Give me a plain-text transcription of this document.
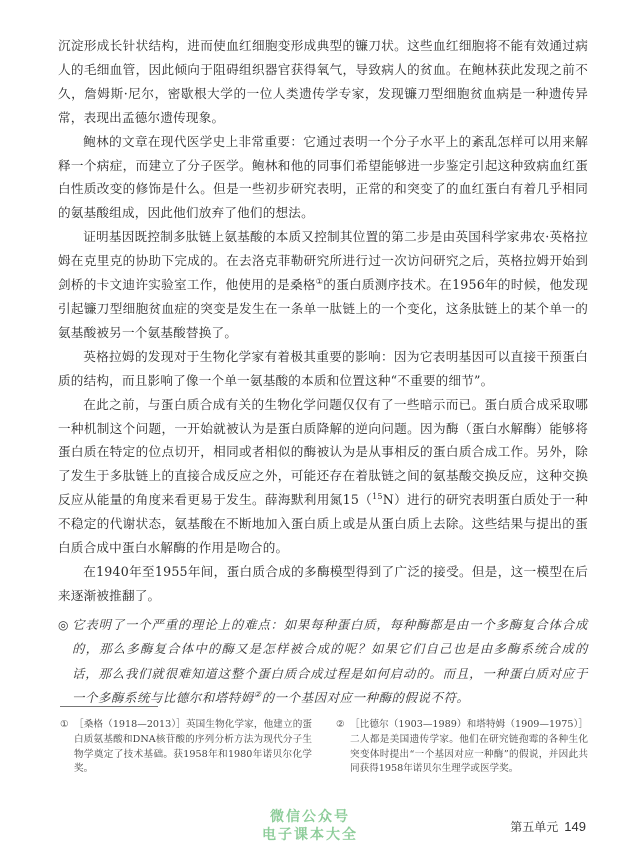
沉淀形成长针状结构，进而使血红细胞变形成典型的镰刀状。这些血红细胞将不能有效通过病人的毛细血管，因此倾向于阻碍组织器官获得氧气，导致病人的贫血。在鲍林获此发现之前不久，詹姆斯·尼尔，密歇根大学的一位人类遗传学专家，发现镰刀型细胞贫血病是一种遗传异常，表现出孟德尔遗传现象。

鲍林的文章在现代医学史上非常重要：它通过表明一个分子水平上的紊乱怎样可以用来解释一个病症，而建立了分子医学。鲍林和他的同事们希望能够进一步鉴定引起这种致病血红蛋白性质改变的修饰是什么。但是一些初步研究表明，正常的和突变了的血红蛋白有着几乎相同的氨基酸组成，因此他们放弃了他们的想法。

证明基因既控制多肽链上氨基酸的本质又控制其位置的第二步是由英国科学家弗农·英格拉姆在克里克的协助下完成的。在去洛克菲勒研究所进行过一次访问研究之后，英格拉姆开始到剑桥的卡文迪许实验室工作，他使用的是桑格①的蛋白质测序技术。在1956年的时候，他发现引起镰刀型细胞贫血症的突变是发生在一条单一肽链上的一个变化，这条肽链上的某个单一的氨基酸被另一个氨基酸替换了。

英格拉姆的发现对于生物化学家有着极其重要的影响：因为它表明基因可以直接干预蛋白质的结构，而且影响了像一个单一氨基酸的本质和位置这种“不重要的细节”。

在此之前，与蛋白质合成有关的生物化学问题仅仅有了一些暗示而已。蛋白质合成采取哪一种机制这个问题，一开始就被认为是蛋白质降解的逆向问题。因为酶（蛋白水解酶）能够将蛋白质在特定的位点切开，相同或者相似的酶被认为是从事相反的蛋白质合成工作。另外，除了发生于多肽链上的直接合成反应之外，可能还存在着肽链之间的氨基酸交换反应，这种交换反应从能量的角度来看更易于发生。薛海默利用氮15（$^{15}$N）进行的研究表明蛋白质处于一种不稳定的代谢状态，氨基酸在不断地加入蛋白质上或是从蛋白质上去除。这些结果与提出的蛋白质合成中蛋白水解酶的作用是吻合的。

在1940年至1955年间，蛋白质合成的多酶模型得到了广泛的接受。但是，这一模型在后来逐渐被推翻了。

◎ 它表明了一个严重的理论上的难点：如果每种蛋白质，每种酶都是由一个多酶复合体合成的，那么多酶复合体中的酶又是怎样被合成的呢？如果它们自己也是由多酶系统合成的话，那么我们就很难知道这整个蛋白质合成过程是如何启动的。而且，一种蛋白质对应于一个多酶系统与比德尔和塔特姆②的一个基因对应一种酶的假说不符。

① ［桑格（1918—2013）］英国生物化学家，他建立的蛋白质氨基酸和DNA核苷酸的序列分析方法为现代分子生物学奠定了技术基础。获1958年和1980年诺贝尔化学奖。

② ［比德尔（1903—1989）和塔特姆（1909—1975）］二人都是美国遗传学家。他们在研究链孢霉的各种生化突变体时提出“一个基因对应一种酶”的假说，并因此共同获得1958年诺贝尔生理学或医学奖。

微信公众号
电子课本大全	第五单元 149
